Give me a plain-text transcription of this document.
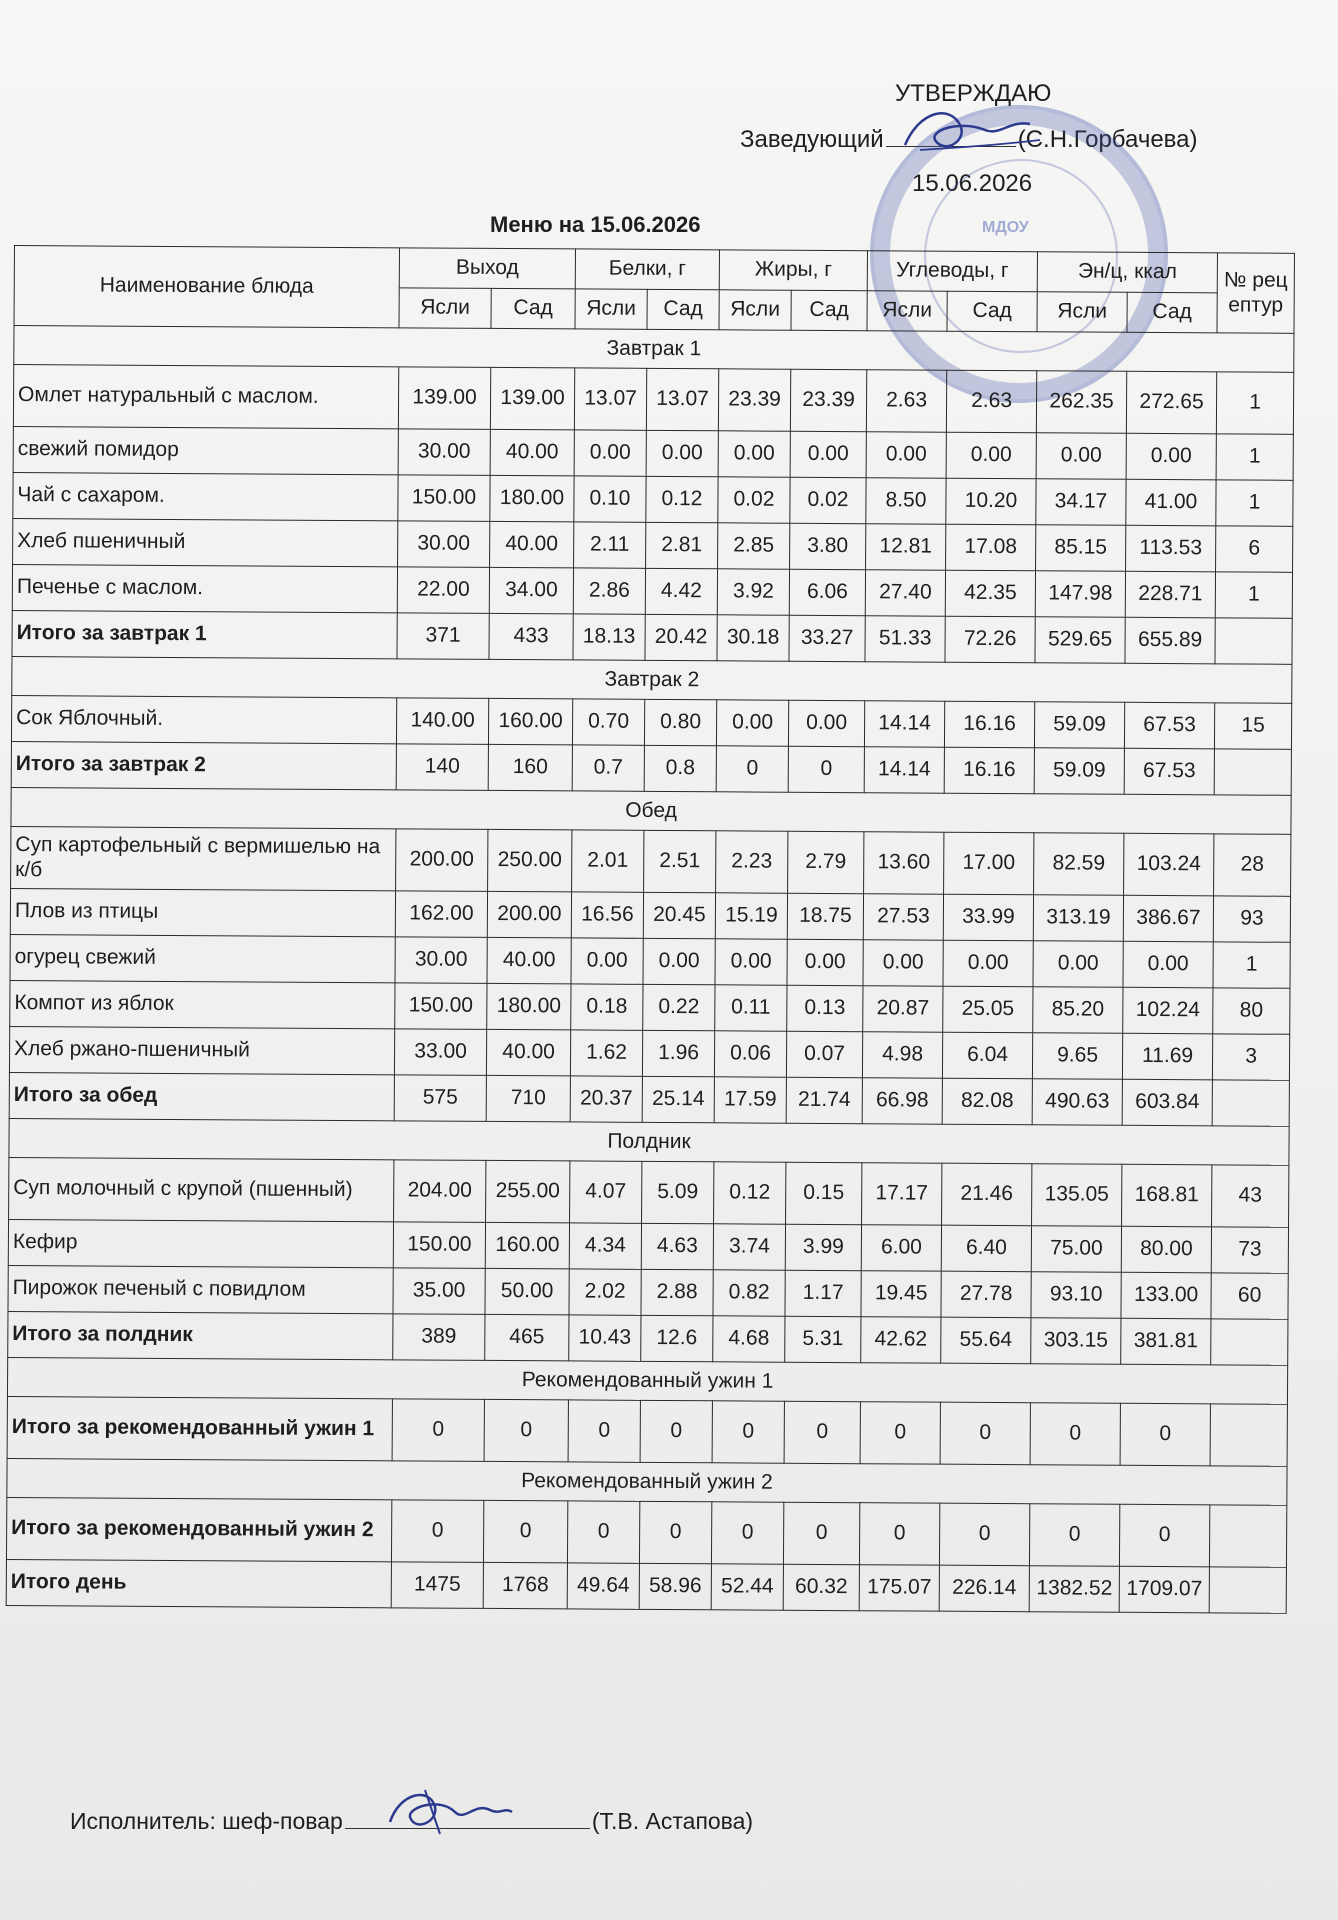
УТВЕРЖДАЮ
Заведующий	(С.Н.Горбачева)
15.06.2026
МДОУ
Меню на 15.06.2026
Наименование блюда	Выход		Белки, г		Жиры, г		Углеводы, г		Эн/ц, ккал		№ рецептур
	Ясли	Сад	Ясли	Сад	Ясли	Сад	Ясли	Сад	Ясли	Сад	
Завтрак 1											
Омлет натуральный с маслом.	139.00	139.00	13.07	13.07	23.39	23.39	2.63	2.63	262.35	272.65	1
свежий помидор	30.00	40.00	0.00	0.00	0.00	0.00	0.00	0.00	0.00	0.00	1
Чай с сахаром.	150.00	180.00	0.10	0.12	0.02	0.02	8.50	10.20	34.17	41.00	1
Хлеб пшеничный	30.00	40.00	2.11	2.81	2.85	3.80	12.81	17.08	85.15	113.53	6
Печенье с маслом.	22.00	34.00	2.86	4.42	3.92	6.06	27.40	42.35	147.98	228.71	1
Итого за завтрак 1	371	433	18.13	20.42	30.18	33.27	51.33	72.26	529.65	655.89	
Завтрак 2											
Сок Яблочный.	140.00	160.00	0.70	0.80	0.00	0.00	14.14	16.16	59.09	67.53	15
Итого за завтрак 2	140	160	0.7	0.8	0	0	14.14	16.16	59.09	67.53	
Обед											
Суп картофельный с вермишелью на к/б	200.00	250.00	2.01	2.51	2.23	2.79	13.60	17.00	82.59	103.24	28
Плов из птицы	162.00	200.00	16.56	20.45	15.19	18.75	27.53	33.99	313.19	386.67	93
огурец свежий	30.00	40.00	0.00	0.00	0.00	0.00	0.00	0.00	0.00	0.00	1
Компот из яблок	150.00	180.00	0.18	0.22	0.11	0.13	20.87	25.05	85.20	102.24	80
Хлеб ржано-пшеничный	33.00	40.00	1.62	1.96	0.06	0.07	4.98	6.04	9.65	11.69	3
Итого за обед	575	710	20.37	25.14	17.59	21.74	66.98	82.08	490.63	603.84	
Полдник											
Суп молочный с крупой (пшенный)	204.00	255.00	4.07	5.09	0.12	0.15	17.17	21.46	135.05	168.81	43
Кефир	150.00	160.00	4.34	4.63	3.74	3.99	6.00	6.40	75.00	80.00	73
Пирожок печеный с повидлом	35.00	50.00	2.02	2.88	0.82	1.17	19.45	27.78	93.10	133.00	60
Итого за полдник	389	465	10.43	12.6	4.68	5.31	42.62	55.64	303.15	381.81	
Рекомендованный ужин 1											
Итого за рекомендованный ужин 1	0	0	0	0	0	0	0	0	0	0	
Рекомендованный ужин 2											
Итого за рекомендованный ужин 2	0	0	0	0	0	0	0	0	0	0	
Итого день	1475	1768	49.64	58.96	52.44	60.32	175.07	226.14	1382.52	1709.07	
Исполнитель: шеф-повар	(Т.В. Астапова)
